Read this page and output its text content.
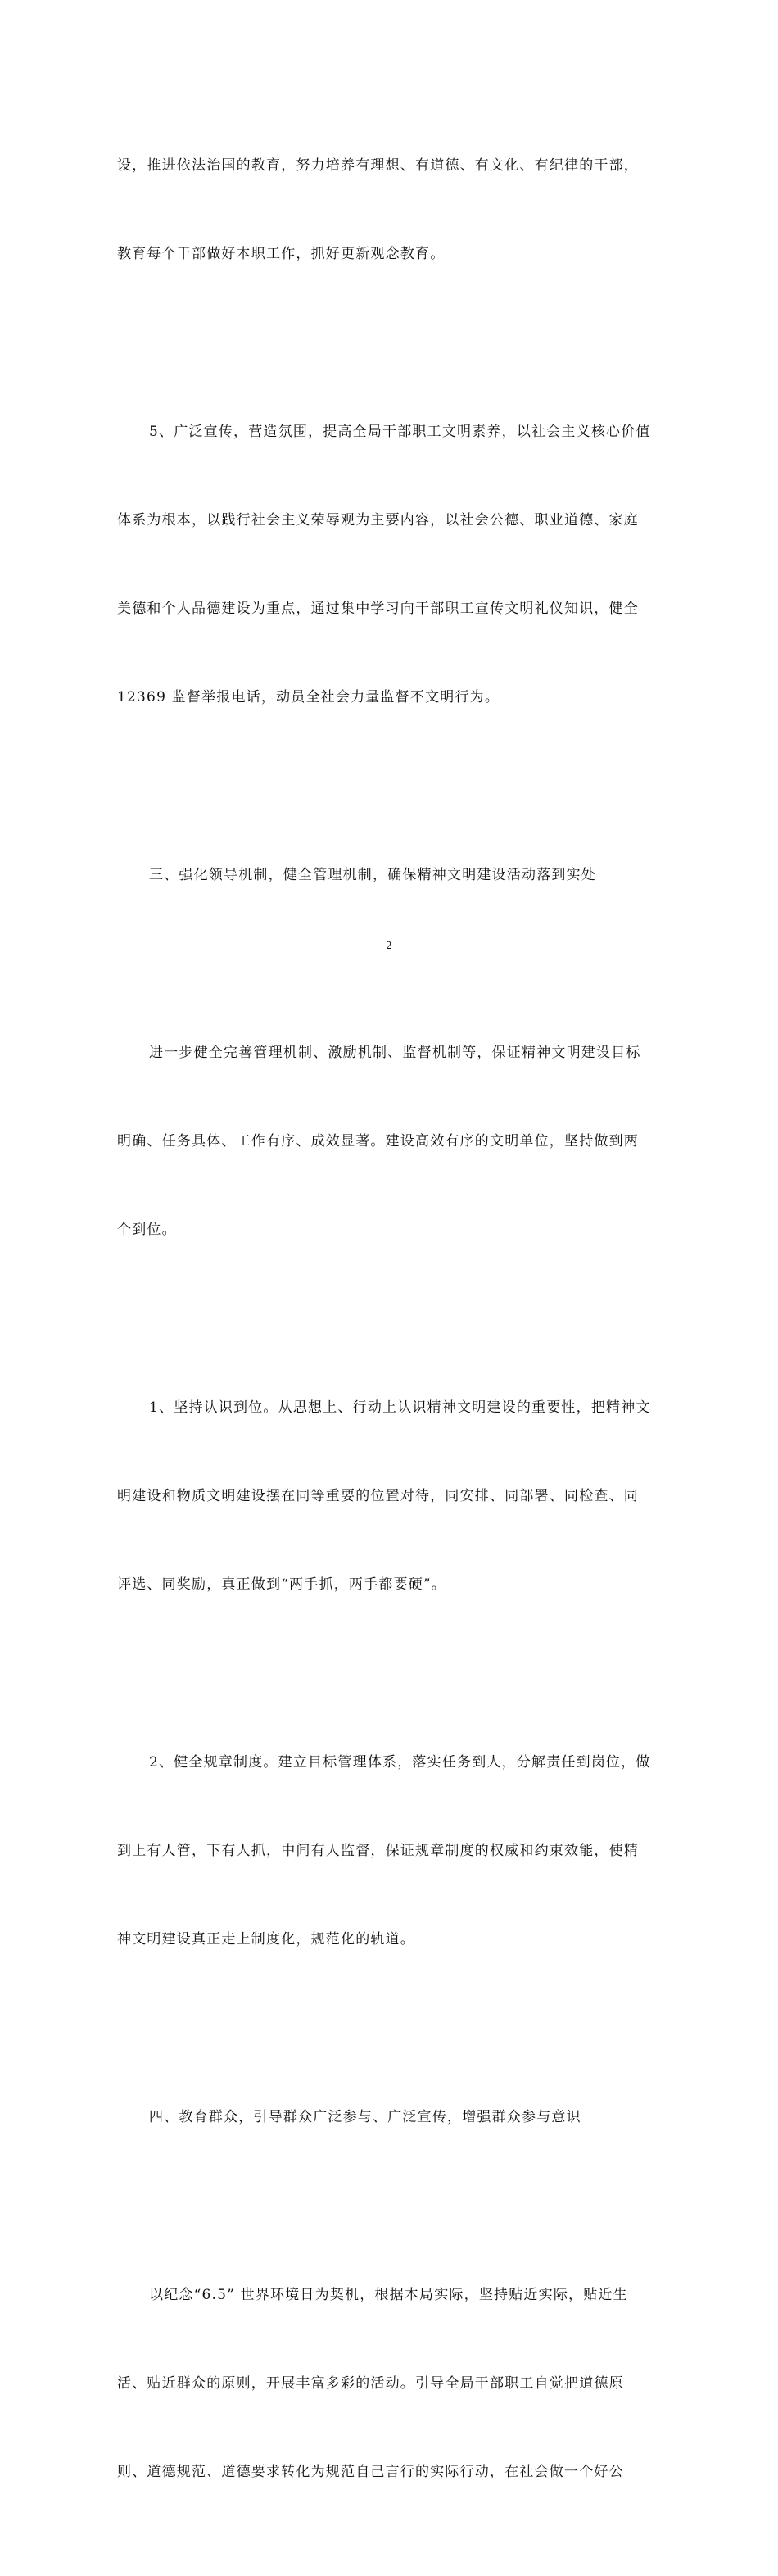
设，推进依法治国的教育，努力培养有理想、有道德、有文化、有纪律的干部，

教育每个干部做好本职工作，抓好更新观念教育。

5、广泛宣传，营造氛围，提高全局干部职工文明素养，以社会主义核心价值

体系为根本，以践行社会主义荣辱观为主要内容，以社会公德、职业道德、家庭

美德和个人品德建设为重点，通过集中学习向干部职工宣传文明礼仪知识，健全

12369 监督举报电话，动员全社会力量监督不文明行为。

三、强化领导机制，健全管理机制，确保精神文明建设活动落到实处

进一步健全完善管理机制、激励机制、监督机制等，保证精神文明建设目标

明确、任务具体、工作有序、成效显著。建设高效有序的文明单位，坚持做到两

个到位。

1、坚持认识到位。从思想上、行动上认识精神文明建设的重要性，把精神文

明建设和物质文明建设摆在同等重要的位置对待，同安排、同部署、同检查、同

评选、同奖励，真正做到“两手抓，两手都要硬”。

2、健全规章制度。建立目标管理体系，落实任务到人，分解责任到岗位，做

到上有人管，下有人抓，中间有人监督，保证规章制度的权威和约束效能，使精

神文明建设真正走上制度化，规范化的轨道。

四、教育群众，引导群众广泛参与、广泛宣传，增强群众参与意识

以纪念“6.5” 世界环境日为契机，根据本局实际，坚持贴近实际，贴近生

活、贴近群众的原则，开展丰富多彩的活动。引导全局干部职工自觉把道德原

则、道德规范、道德要求转化为规范自己言行的实际行动，在社会做一个好公

2
